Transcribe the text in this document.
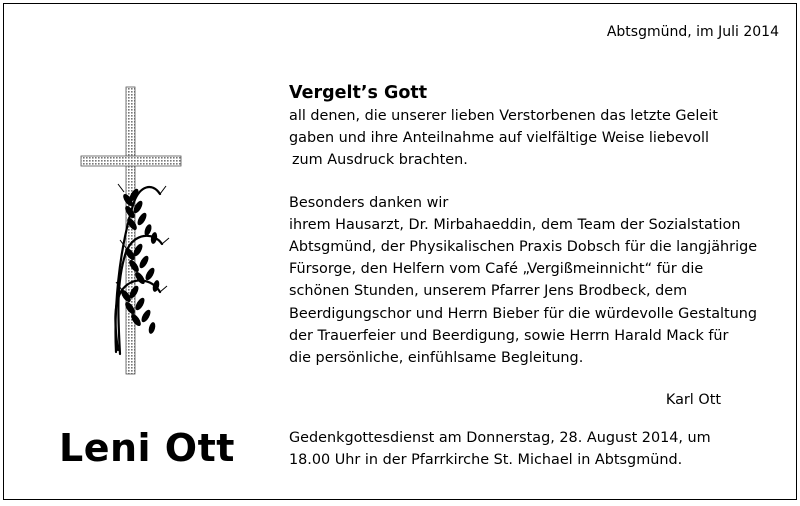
Abtsgmünd, im Juli 2014
Vergelt’s Gott
all denen, die unserer lieben Verstorbenen das letzte Geleit
gaben und ihre Anteilnahme auf vielfältige Weise liebevoll
zum Ausdruck brachten.
Besonders danken wir
ihrem Hausarzt, Dr. Mirbahaeddin, dem Team der Sozialstation
Abtsgmünd, der Physikalischen Praxis Dobsch für die langjährige
Fürsorge, den Helfern vom Café „Vergißmeinnicht“ für die
schönen Stunden, unserem Pfarrer Jens Brodbeck, dem
Beerdigungschor und Herrn Bieber für die würdevolle Gestaltung
der Trauerfeier und Beerdigung, sowie Herrn Harald Mack für
die persönliche, einfühlsame Begleitung.
Karl Ott
Leni Ott	Gedenkgottesdienst am Donnerstag, 28. August 2014, um
18.00 Uhr in der Pfarrkirche St. Michael in Abtsgmünd.
